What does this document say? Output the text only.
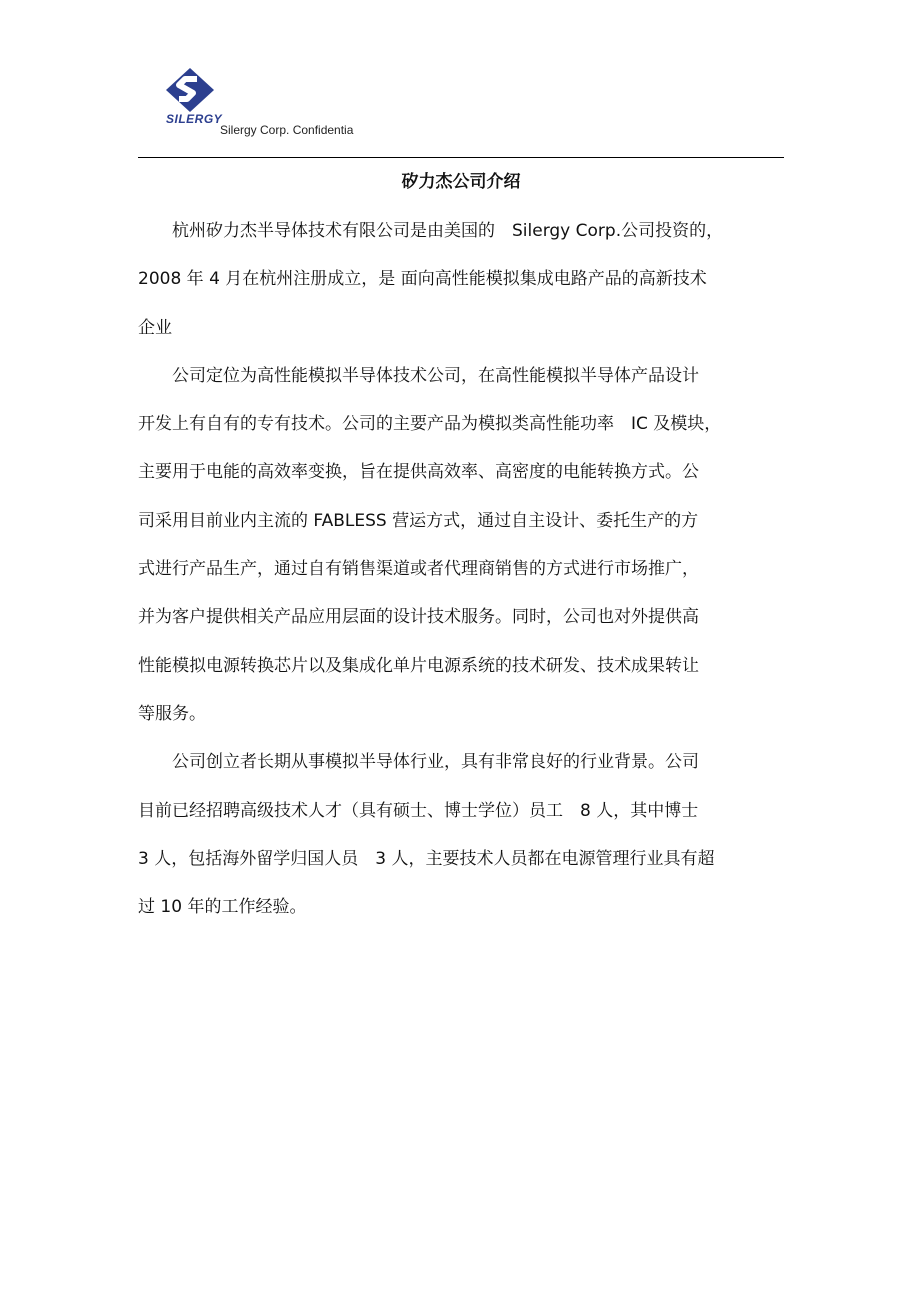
SILERGY
Silergy Corp. Confidentia
矽力杰公司介绍
　　杭州矽力杰半导体技术有限公司是由美国的　Silergy Corp.公司投资的，
2008 年 4 月在杭州注册成立，是 面向高性能模拟集成电路产品的高新技术
企业
　　公司定位为高性能模拟半导体技术公司，在高性能模拟半导体产品设计
开发上有自有的专有技术。公司的主要产品为模拟类高性能功率　IC 及模块，
主要用于电能的高效率变换，旨在提供高效率、高密度的电能转换方式。公
司采用目前业内主流的 FABLESS 营运方式，通过自主设计、委托生产的方
式进行产品生产，通过自有销售渠道或者代理商销售的方式进行市场推广，
并为客户提供相关产品应用层面的设计技术服务。同时，公司也对外提供高
性能模拟电源转换芯片以及集成化单片电源系统的技术研发、技术成果转让
等服务。
　　公司创立者长期从事模拟半导体行业，具有非常良好的行业背景。公司
目前已经招聘高级技术人才（具有硕士、博士学位）员工　8 人，其中博士
3 人，包括海外留学归国人员　3 人，主要技术人员都在电源管理行业具有超
过 10 年的工作经验。
